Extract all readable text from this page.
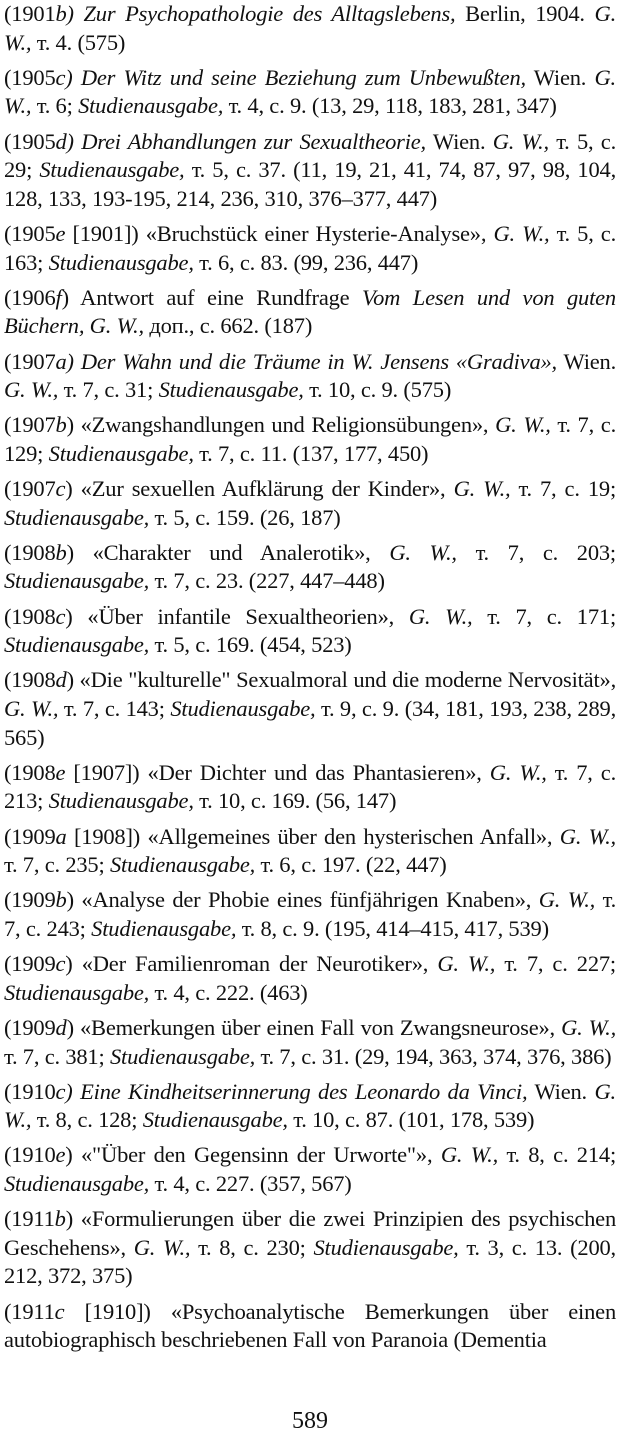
(1901b) Zur Psychopathologie des Alltagslebens, Berlin, 1904. G. W., т. 4. (575)

(1905c) Der Witz und seine Beziehung zum Unbewußten, Wien. G. W., т. 6; Studienausgabe, т. 4, с. 9. (13, 29, 118, 183, 281, 347)

(1905d) Drei Abhandlungen zur Sexualtheorie, Wien. G. W., т. 5, с. 29; Studienausgabe, т. 5, с. 37. (11, 19, 21, 41, 74, 87, 97, 98, 104, 128, 133, 193-195, 214, 236, 310, 376–377, 447)

(1905e [1901]) «Bruchstück einer Hysterie-Analyse», G. W., т. 5, с. 163; Studienausgabe, т. 6, с. 83. (99, 236, 447)

(1906f) Antwort auf eine Rundfrage Vom Lesen und von guten Büchern, G. W., доп., с. 662. (187)

(1907a) Der Wahn und die Träume in W. Jensens «Gradiva», Wien. G. W., т. 7, с. 31; Studienausgabe, т. 10, с. 9. (575)

(1907b) «Zwangshandlungen und Religionsübungen», G. W., т. 7, с. 129; Studienausgabe, т. 7, с. 11. (137, 177, 450)

(1907c) «Zur sexuellen Aufklärung der Kinder», G. W., т. 7, с. 19; Studienausgabe, т. 5, с. 159. (26, 187)

(1908b) «Charakter und Analerotik», G. W., т. 7, с. 203; Studienausgabe, т. 7, с. 23. (227, 447–448)

(1908c) «Über infantile Sexualtheorien», G. W., т. 7, с. 171; Studienausgabe, т. 5, с. 169. (454, 523)

(1908d) «Die "kulturelle" Sexualmoral und die moderne Nervosität», G. W., т. 7, с. 143; Studienausgabe, т. 9, с. 9. (34, 181, 193, 238, 289, 565)

(1908e [1907]) «Der Dichter und das Phantasieren», G. W., т. 7, с. 213; Studienausgabe, т. 10, с. 169. (56, 147)

(1909a [1908]) «Allgemeines über den hysterischen Anfall», G. W., т. 7, с. 235; Studienausgabe, т. 6, с. 197. (22, 447)

(1909b) «Analyse der Phobie eines fünfjährigen Knaben», G. W., т. 7, с. 243; Studienausgabe, т. 8, с. 9. (195, 414–415, 417, 539)

(1909c) «Der Familienroman der Neurotiker», G. W., т. 7, с. 227; Studienausgabe, т. 4, с. 222. (463)

(1909d) «Bemerkungen über einen Fall von Zwangsneurose», G. W., т. 7, с. 381; Studienausgabe, т. 7, с. 31. (29, 194, 363, 374, 376, 386)

(1910c) Eine Kindheitserinnerung des Leonardo da Vinci, Wien. G. W., т. 8, с. 128; Studienausgabe, т. 10, с. 87. (101, 178, 539)

(1910e) «"Über den Gegensinn der Urworte"», G. W., т. 8, с. 214; Studienausgabe, т. 4, с. 227. (357, 567)

(1911b) «Formulierungen über die zwei Prinzipien des psychischen Geschehens», G. W., т. 8, с. 230; Studienausgabe, т. 3, с. 13. (200, 212, 372, 375)

(1911c [1910]) «Psychoanalytische Bemerkungen über einen autobiographisch beschriebenen Fall von Paranoia (Dementia

589
